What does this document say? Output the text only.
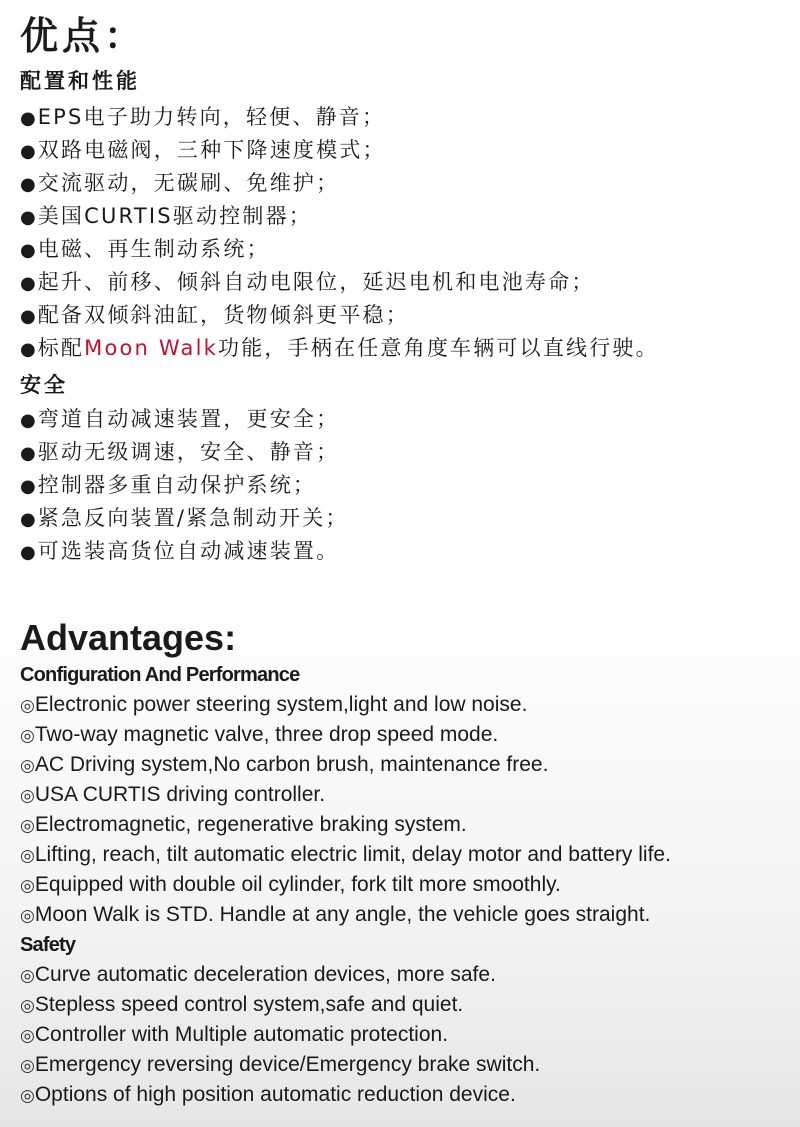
优点：
配置和性能
●EPS电子助力转向，轻便、静音；
●双路电磁阀，三种下降速度模式；
●交流驱动，无碳刷、免维护；
●美国CURTIS驱动控制器；
●电磁、再生制动系统；
●起升、前移、倾斜自动电限位，延迟电机和电池寿命；
●配备双倾斜油缸，货物倾斜更平稳；
●标配Moon Walk功能，手柄在任意角度车辆可以直线行驶。
安全
●弯道自动减速装置，更安全；
●驱动无级调速，安全、静音；
●控制器多重自动保护系统；
●紧急反向装置/紧急制动开关；
●可选装高货位自动减速装置。
Advantages:
Configuration And Performance
◎Electronic power steering system,light and low noise.
◎Two-way magnetic valve, three drop speed mode.
◎AC Driving system,No carbon brush, maintenance free.
◎USA CURTIS driving controller.
◎Electromagnetic, regenerative braking system.
◎Lifting, reach, tilt automatic electric limit, delay motor and battery life.
◎Equipped with double oil cylinder, fork tilt more smoothly.
◎Moon Walk is STD. Handle at any angle, the vehicle goes straight.
Safety
◎Curve automatic deceleration devices, more safe.
◎Stepless speed control system,safe and quiet.
◎Controller with Multiple automatic protection.
◎Emergency reversing device/Emergency brake switch.
◎Options of high position automatic reduction device.
